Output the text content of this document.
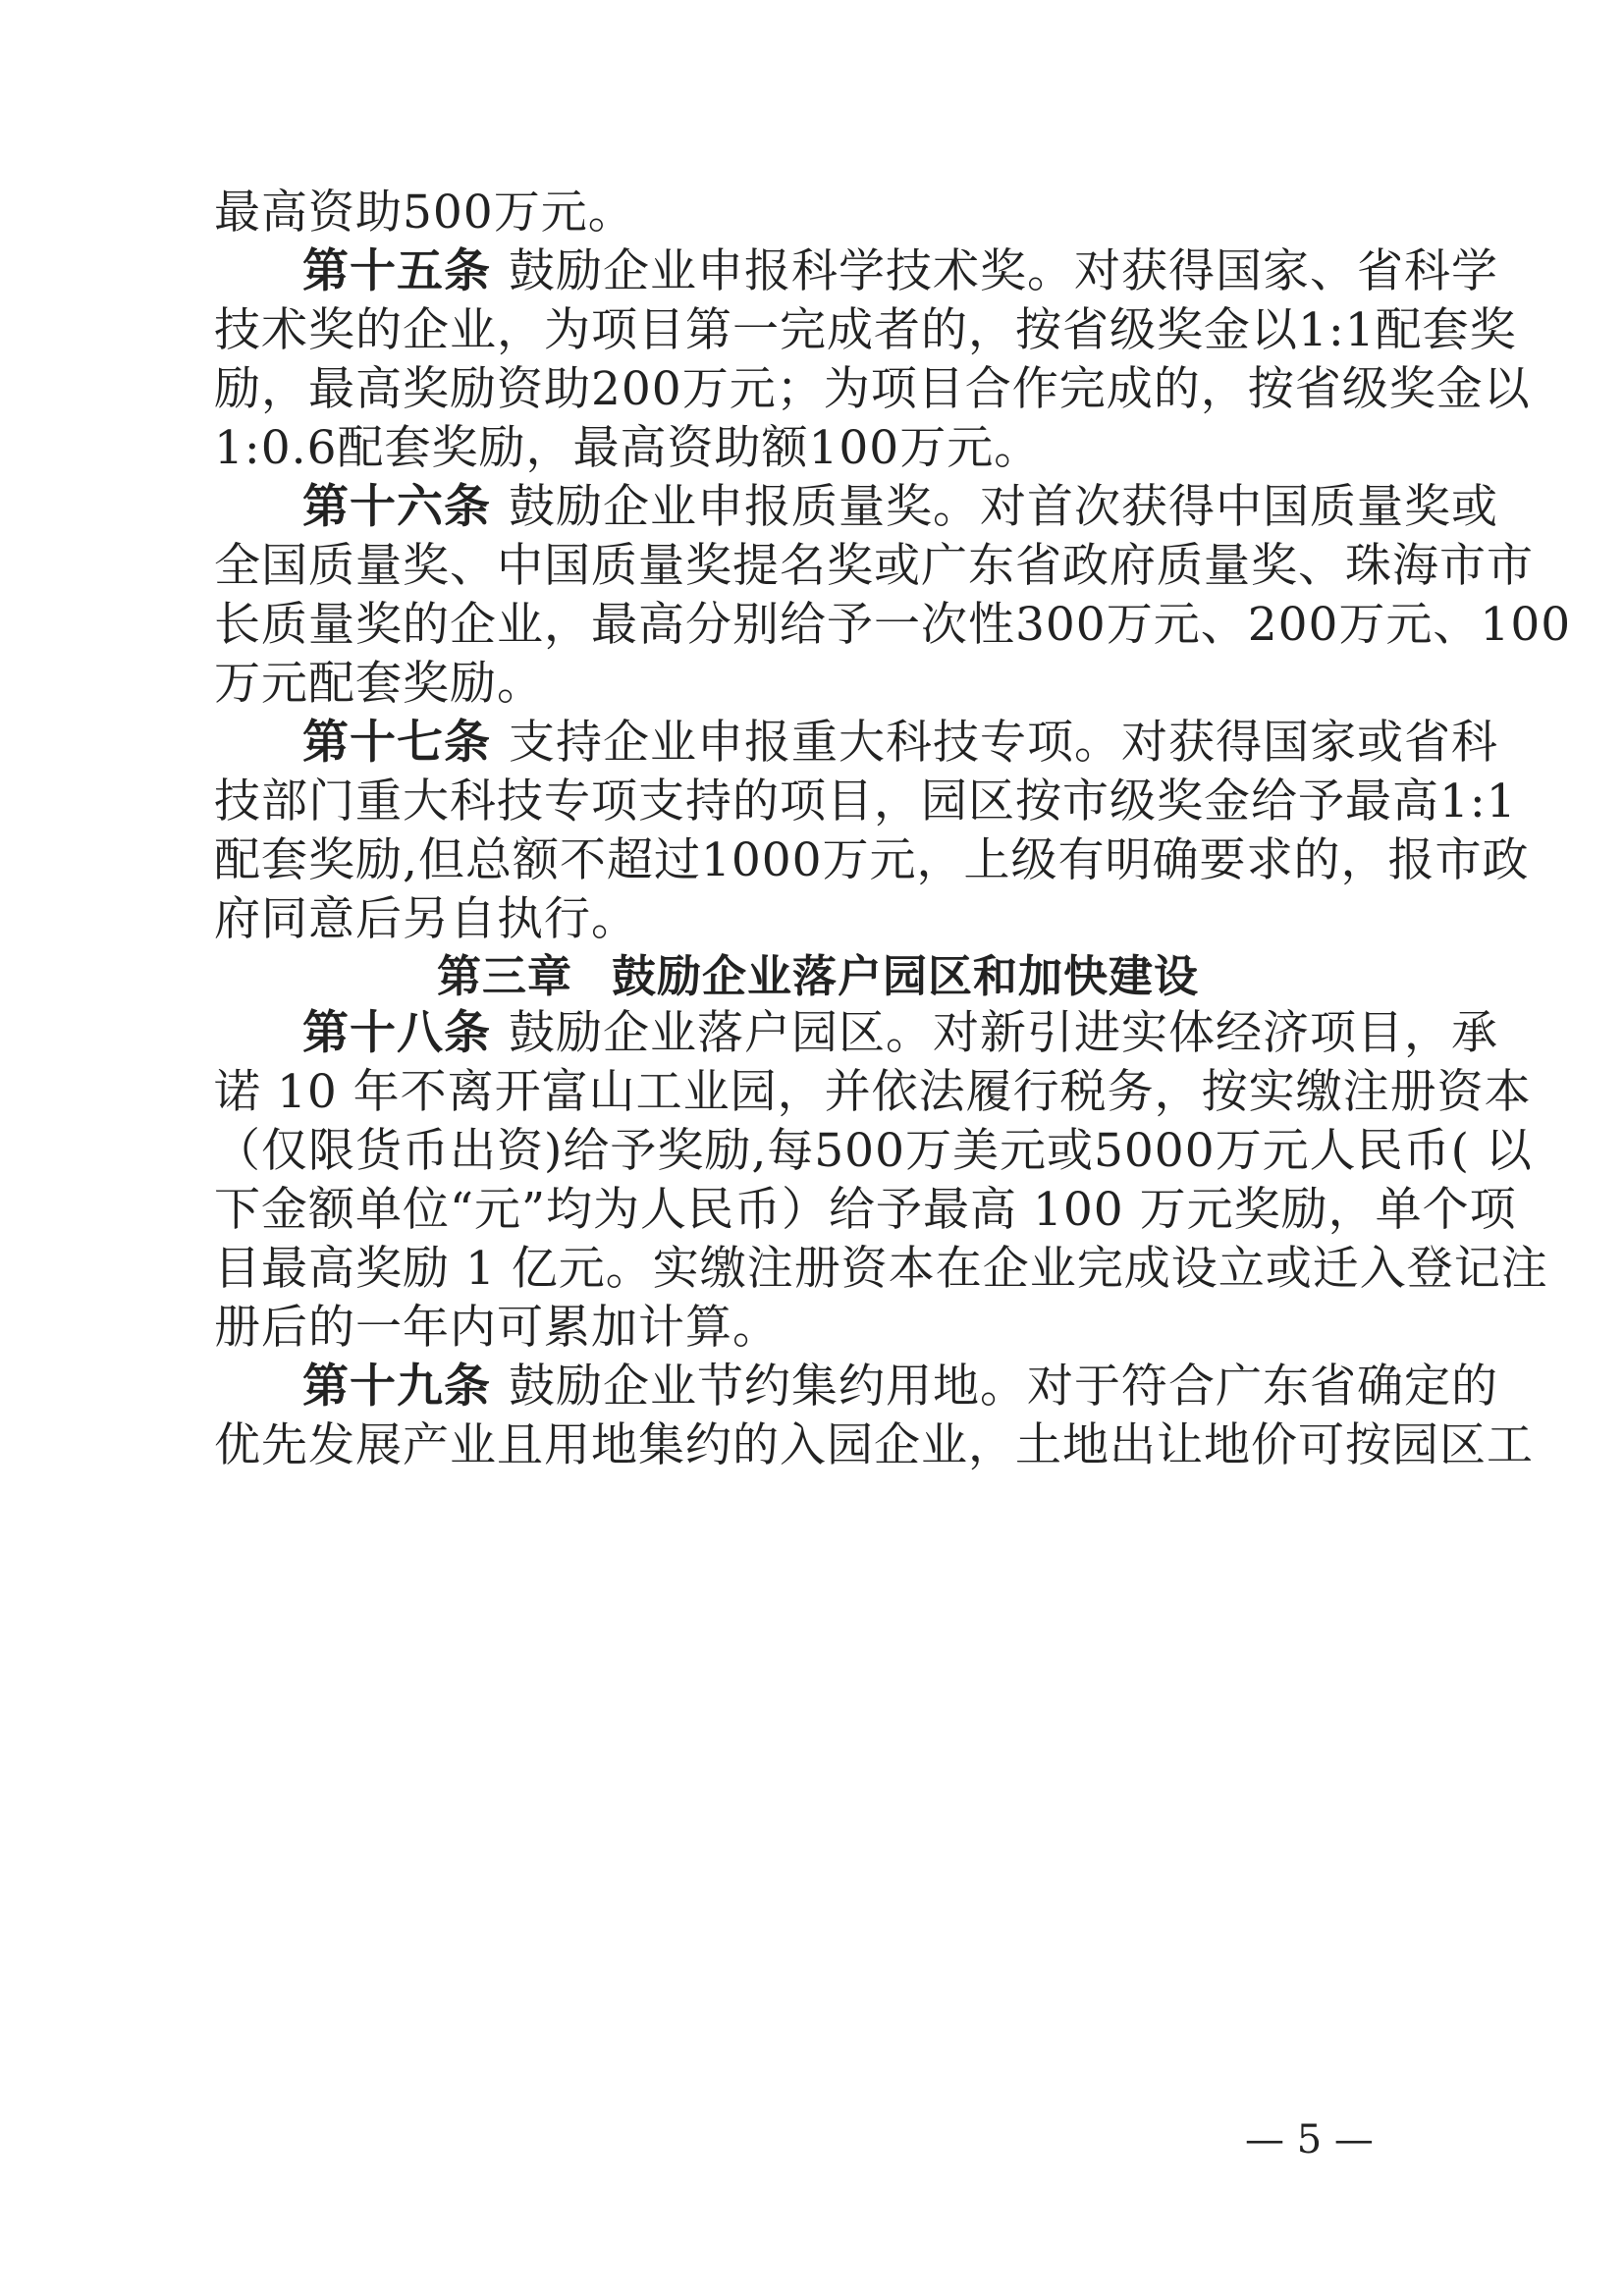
最高资助500万元。
第十五条 鼓励企业申报科学技术奖。对获得国家、省科学
技术奖的企业，为项目第一完成者的，按省级奖金以1:1配套奖
励，最高奖励资助200万元；为项目合作完成的，按省级奖金以
1:0.6配套奖励，最高资助额100万元。
第十六条 鼓励企业申报质量奖。对首次获得中国质量奖或
全国质量奖、中国质量奖提名奖或广东省政府质量奖、珠海市市
长质量奖的企业，最高分别给予一次性300万元、200万元、100
万元配套奖励。
第十七条 支持企业申报重大科技专项。对获得国家或省科
技部门重大科技专项支持的项目，园区按市级奖金给予最高1:1
配套奖励,但总额不超过1000万元，上级有明确要求的，报市政
府同意后另自执行。
第三章 鼓励企业落户园区和加快建设
第十八条 鼓励企业落户园区。对新引进实体经济项目，承
诺 10 年不离开富山工业园，并依法履行税务，按实缴注册资本
（仅限货币出资)给予奖励,每500万美元或5000万元人民币( 以
下金额单位“元”均为人民币）给予最高 100 万元奖励，单个项
目最高奖励 1 亿元。实缴注册资本在企业完成设立或迁入登记注
册后的一年内可累加计算。
第十九条 鼓励企业节约集约用地。对于符合广东省确定的
优先发展产业且用地集约的入园企业，土地出让地价可按园区工
— 5 —
